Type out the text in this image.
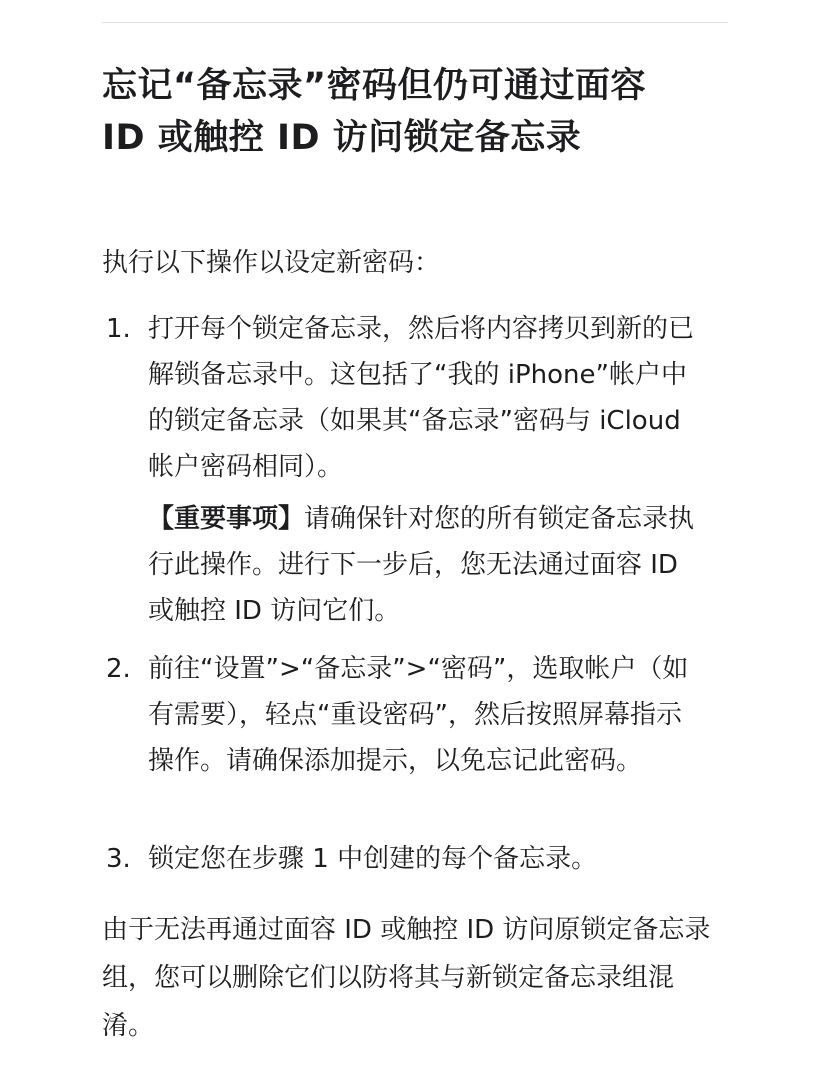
忘记“备忘录”密码但仍可通过面容 ID 或触控 ID 访问锁定备忘录

执行以下操作以设定新密码：

1. 打开每个锁定备忘录，然后将内容拷贝到新的已解锁备忘录中。这包括了“我的 iPhone”帐户中的锁定备忘录（如果其“备忘录”密码与 iCloud 帐户密码相同）。

【重要事项】请确保针对您的所有锁定备忘录执行此操作。进行下一步后，您无法通过面容 ID 或触控 ID 访问它们。

2. 前往“设置”>“备忘录”>“密码”，选取帐户（如有需要），轻点“重设密码”，然后按照屏幕指示操作。请确保添加提示，以免忘记此密码。
3. 锁定您在步骤 1 中创建的每个备忘录。

由于无法再通过面容 ID 或触控 ID 访问原锁定备忘录组，您可以删除它们以防将其与新锁定备忘录组混淆。
